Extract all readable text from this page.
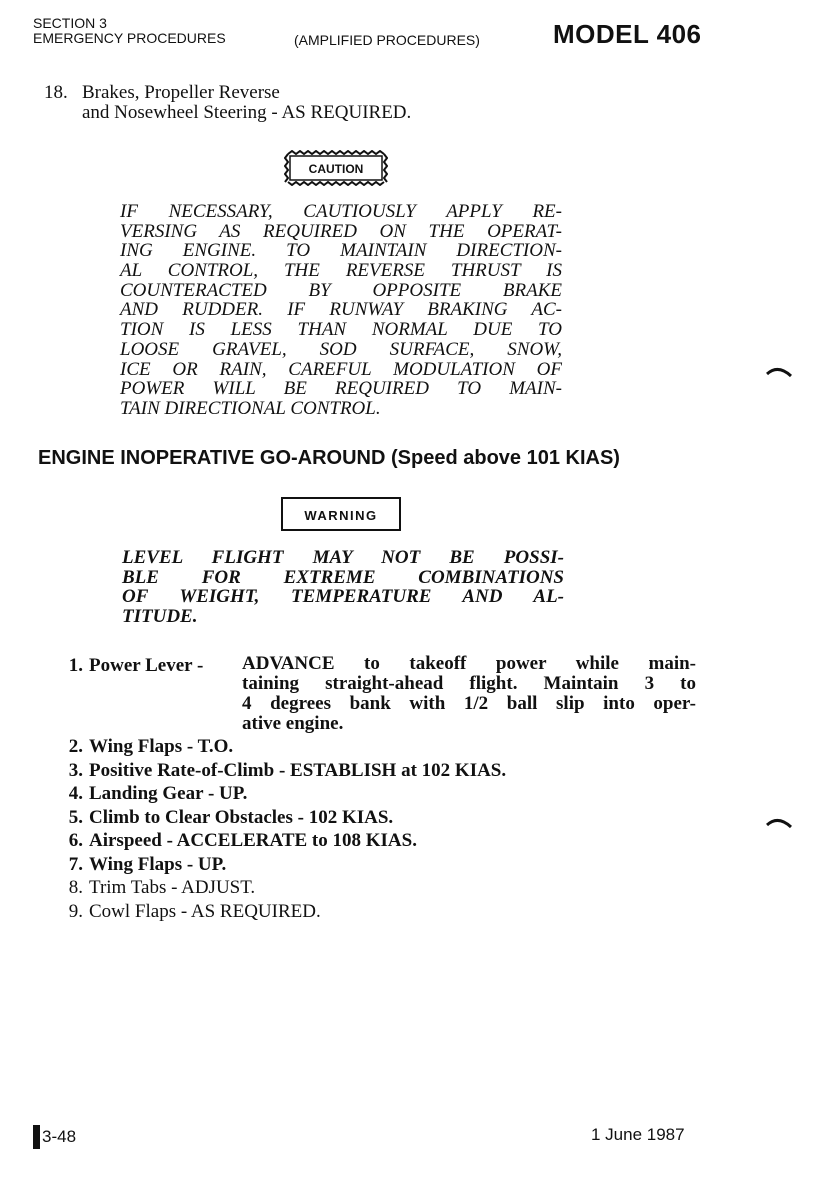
SECTION 3
EMERGENCY PROCEDURES	(AMPLIFIED PROCEDURES)	MODEL 406
18. Brakes, Propeller Reverse
and Nosewheel Steering - AS REQUIRED.
CAUTION
IF NECESSARY, CAUTIOUSLY APPLY RE-
VERSING AS REQUIRED ON THE OPERAT-
ING ENGINE. TO MAINTAIN DIRECTION-
AL CONTROL, THE REVERSE THRUST IS
COUNTERACTED BY OPPOSITE BRAKE
AND RUDDER. IF RUNWAY BRAKING AC-
TION IS LESS THAN NORMAL DUE TO
LOOSE GRAVEL, SOD SURFACE, SNOW,
ICE OR RAIN, CAREFUL MODULATION OF
POWER WILL BE REQUIRED TO MAIN-
TAIN DIRECTIONAL CONTROL.
ENGINE INOPERATIVE GO-AROUND (Speed above 101 KIAS)
WARNING
LEVEL FLIGHT MAY NOT BE POSSI-
BLE FOR EXTREME COMBINATIONS
OF WEIGHT, TEMPERATURE AND AL-
TITUDE.
1. Power Lever - ADVANCE to takeoff power while main-
taining straight-ahead flight. Maintain 3 to
4 degrees bank with 1/2 ball slip into oper-
ative engine.
2. Wing Flaps - T.O.
3. Positive Rate-of-Climb - ESTABLISH at 102 KIAS.
4. Landing Gear - UP.
5. Climb to Clear Obstacles - 102 KIAS.
6. Airspeed - ACCELERATE to 108 KIAS.
7. Wing Flaps - UP.
8. Trim Tabs - ADJUST.
9. Cowl Flaps - AS REQUIRED.
3-48	1 June 1987
